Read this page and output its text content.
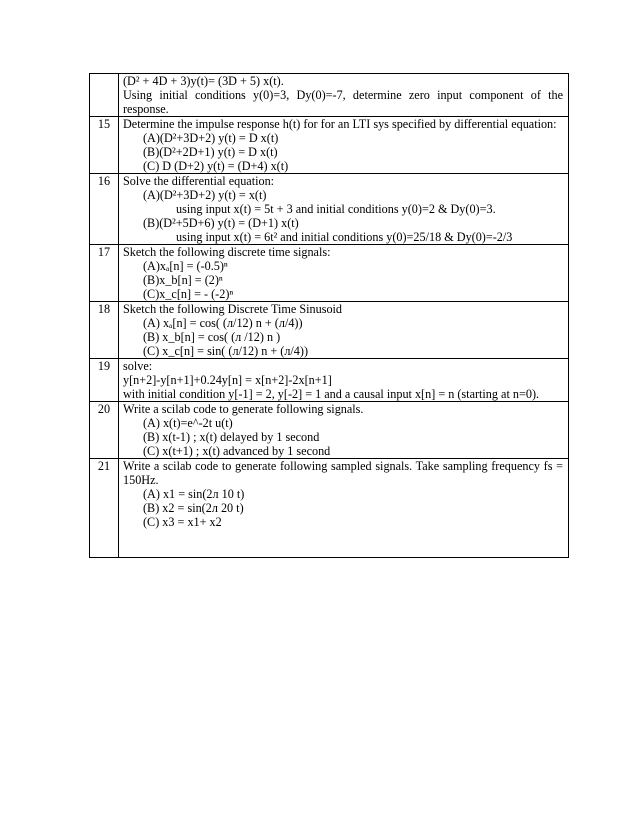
	(D² + 4D + 3)y(t)= (3D + 5) x(t).
Using initial conditions y(0)=3, Dy(0)=-7, determine zero input component of the response.

15	Determine the impulse response h(t) for for an LTI sys specified by differential equation:
(A)(D²+3D+2) y(t) = D x(t)
(B)(D²+2D+1) y(t) = D x(t)
(C) D (D+2) y(t) = (D+4) x(t)

16	Solve the differential equation:
(A)(D²+3D+2) y(t) = x(t)
using input x(t) = 5t + 3 and initial conditions y(0)=2 & Dy(0)=3.
(B)(D²+5D+6) y(t) = (D+1) x(t)
using input x(t) = 6t² and initial conditions y(0)=25/18 & Dy(0)=-2/3

17	Sketch the following discrete time signals:
(A)xₐ[n] = (-0.5)ⁿ
(B)x_b[n] = (2)ⁿ
(C)x_c[n] = - (-2)ⁿ

18	Sketch the following Discrete Time Sinusoid
(A) xₐ[n] = cos( (л/12) n + (л/4))
(B) x_b[n] = cos( (л /12) n )
(C) x_c[n] = sin( (л/12) n + (л/4))

19	solve:
y[n+2]-y[n+1]+0.24y[n] = x[n+2]-2x[n+1]
with initial condition y[-1] = 2, y[-2] = 1 and a causal input x[n] = n (starting at n=0).

20	Write a scilab code to generate following signals.
(A) x(t)=e^-2t u(t)
(B) x(t-1) ; x(t) delayed by 1 second
(C) x(t+1) ; x(t) advanced by 1 second

21	Write a scilab code to generate following sampled signals. Take sampling frequency fs = 150Hz.
(A) x1 = sin(2л 10 t)
(B) x2 = sin(2л 20 t)
(C) x3 = x1+ x2
